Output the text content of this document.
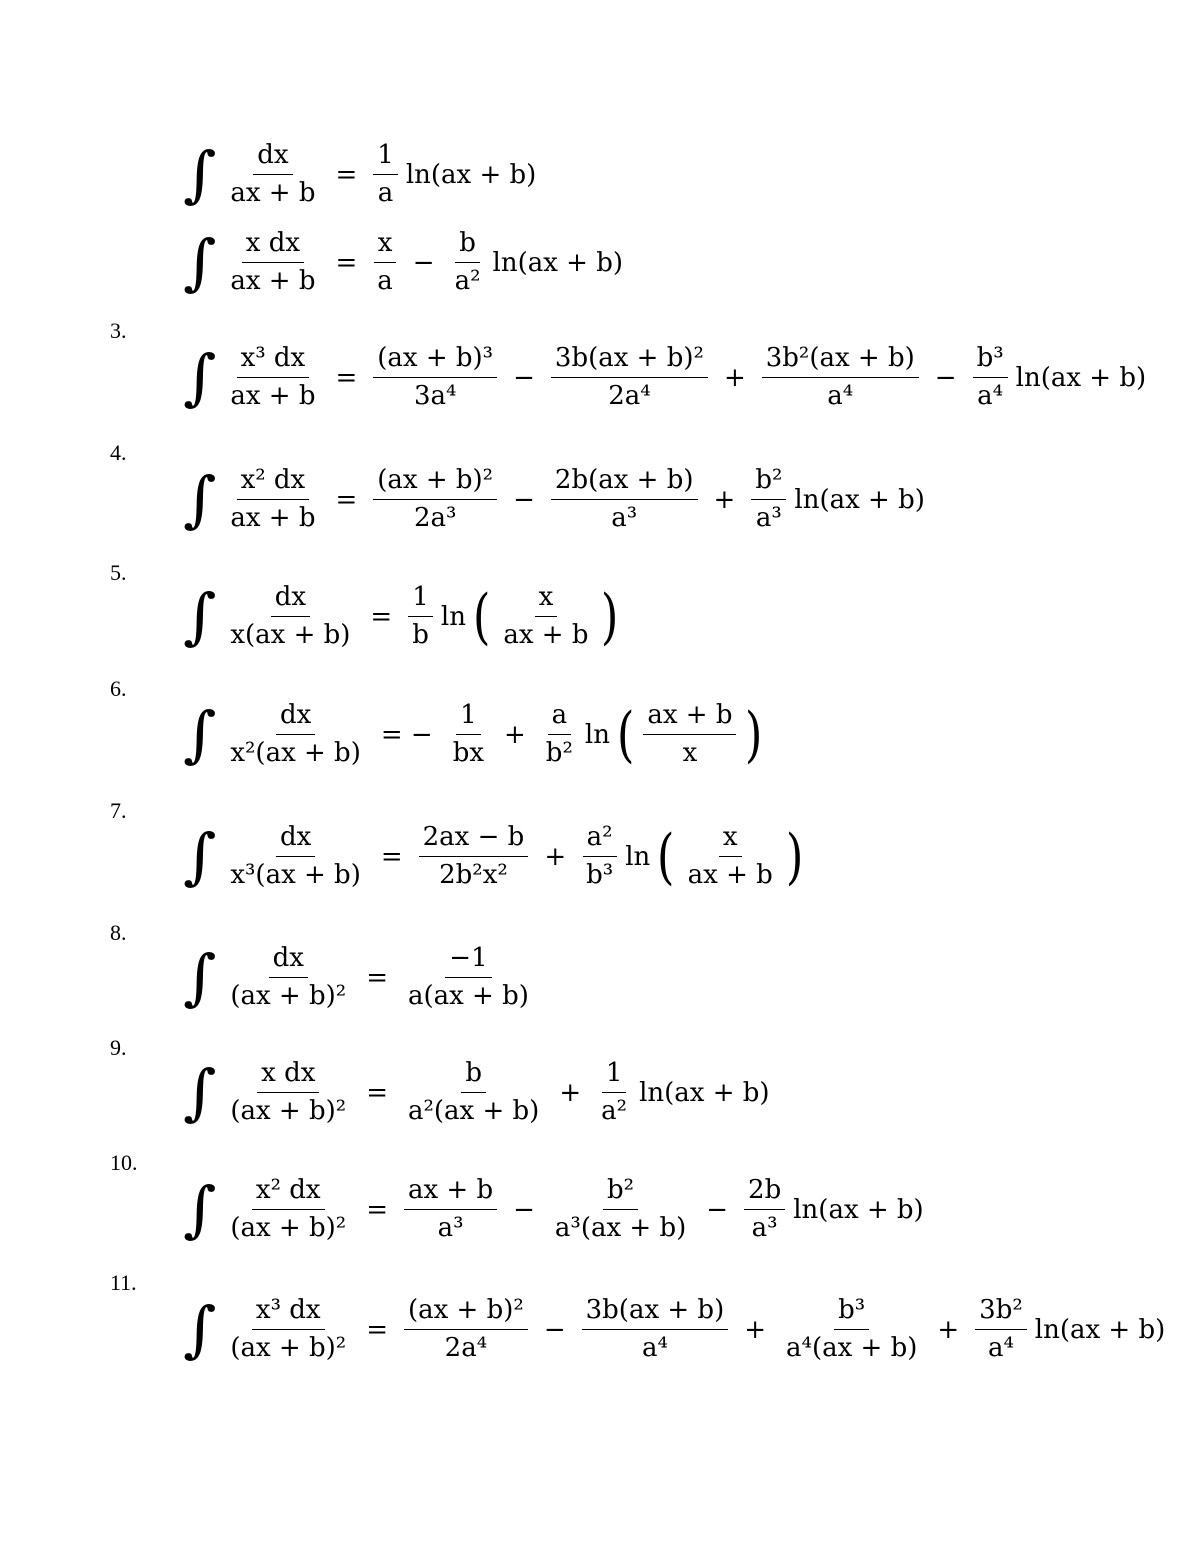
∫ $\frac{dx}{ax + b} = \frac{1}{a} \ln(ax + b)$
∫ $\frac{\text{x dx}}{ax + b} = \frac{x}{a} - \frac{b}{\text{a²}} \ln(ax + b)$
3.
∫ $\frac{\text{x³ dx}}{ax + b} = \frac{\text{(ax + b)³}}{\text{3a⁴}} - \frac{\text{3b(ax + b)²}}{\text{2a⁴}} + \frac{\text{3b²(ax + b)}}{\text{a⁴}} - \frac{\text{b³}}{\text{a⁴}} \ln(ax + b)$
4.
∫ $\frac{\text{x² dx}}{ax + b} = \frac{\text{(ax + b)²}}{\text{2a³}} - \frac{2b(ax + b)}{\text{a³}} + \frac{\text{b²}}{\text{a³}} \ln(ax + b)$
5.
∫ $\frac{dx}{x(ax + b)} = \frac{1}{b}$ ln ( $\frac{x}{ax + b}$ )
6.
∫ $\frac{dx}{\text{x²(ax + b)}}$ = − $\frac{1}{bx} + \frac{a}{\text{b²}}$ ln ( $\frac{ax + b}{x}$ )
7.
∫ $\frac{dx}{\text{x³(ax + b)}} = \frac{2ax - b}{\text{2b²x²}} + \frac{\text{a²}}{\text{b³}}$ ln ( $\frac{x}{ax + b}$ )
8.
∫ $\frac{dx}{\text{(ax + b)²}} = \frac{-1}{a(ax + b)}$
9.
∫ $\frac{\text{x dx}}{\text{(ax + b)²}} = \frac{b}{\text{a²(ax + b)}} + \frac{1}{\text{a²}} \ln(ax + b)$
10.
∫ $\frac{\text{x² dx}}{\text{(ax + b)²}} = \frac{ax + b}{\text{a³}} - \frac{\text{b²}}{\text{a³(ax + b)}} - \frac{2b}{\text{a³}} \ln(ax + b)$
11.
∫ $\frac{\text{x³ dx}}{\text{(ax + b)²}} = \frac{\text{(ax + b)²}}{\text{2a⁴}} - \frac{3b(ax + b)}{\text{a⁴}} + \frac{\text{b³}}{\text{a⁴(ax + b)}} + \frac{\text{3b²}}{\text{a⁴}} \ln(ax + b)$
